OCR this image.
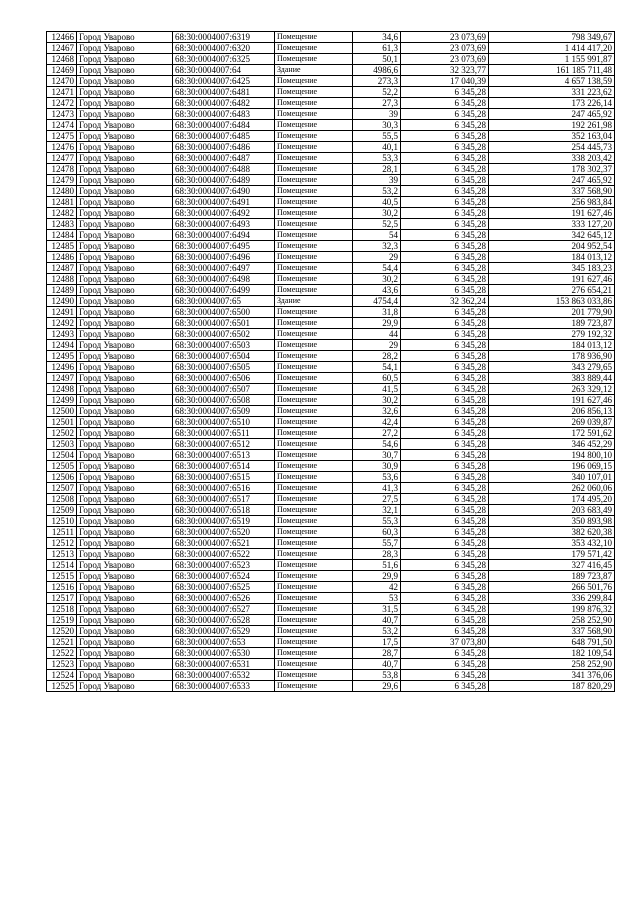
12466	Город Уварово	68:30:0004007:6319	Помещение	34,6	23 073,69	798 349,67
12467	Город Уварово	68:30:0004007:6320	Помещение	61,3	23 073,69	1 414 417,20
12468	Город Уварово	68:30:0004007:6325	Помещение	50,1	23 073,69	1 155 991,87
12469	Город Уварово	68:30:0004007:64	Здание	4986,6	32 323,77	161 185 711,48
12470	Город Уварово	68:30:0004007:6425	Помещение	273,3	17 040,39	4 657 138,59
12471	Город Уварово	68:30:0004007:6481	Помещение	52,2	6 345,28	331 223,62
12472	Город Уварово	68:30:0004007:6482	Помещение	27,3	6 345,28	173 226,14
12473	Город Уварово	68:30:0004007:6483	Помещение	39	6 345,28	247 465,92
12474	Город Уварово	68:30:0004007:6484	Помещение	30,3	6 345,28	192 261,98
12475	Город Уварово	68:30:0004007:6485	Помещение	55,5	6 345,28	352 163,04
12476	Город Уварово	68:30:0004007:6486	Помещение	40,1	6 345,28	254 445,73
12477	Город Уварово	68:30:0004007:6487	Помещение	53,3	6 345,28	338 203,42
12478	Город Уварово	68:30:0004007:6488	Помещение	28,1	6 345,28	178 302,37
12479	Город Уварово	68:30:0004007:6489	Помещение	39	6 345,28	247 465,92
12480	Город Уварово	68:30:0004007:6490	Помещение	53,2	6 345,28	337 568,90
12481	Город Уварово	68:30:0004007:6491	Помещение	40,5	6 345,28	256 983,84
12482	Город Уварово	68:30:0004007:6492	Помещение	30,2	6 345,28	191 627,46
12483	Город Уварово	68:30:0004007:6493	Помещение	52,5	6 345,28	333 127,20
12484	Город Уварово	68:30:0004007:6494	Помещение	54	6 345,28	342 645,12
12485	Город Уварово	68:30:0004007:6495	Помещение	32,3	6 345,28	204 952,54
12486	Город Уварово	68:30:0004007:6496	Помещение	29	6 345,28	184 013,12
12487	Город Уварово	68:30:0004007:6497	Помещение	54,4	6 345,28	345 183,23
12488	Город Уварово	68:30:0004007:6498	Помещение	30,2	6 345,28	191 627,46
12489	Город Уварово	68:30:0004007:6499	Помещение	43,6	6 345,28	276 654,21
12490	Город Уварово	68:30:0004007:65	Здание	4754,4	32 362,24	153 863 033,86
12491	Город Уварово	68:30:0004007:6500	Помещение	31,8	6 345,28	201 779,90
12492	Город Уварово	68:30:0004007:6501	Помещение	29,9	6 345,28	189 723,87
12493	Город Уварово	68:30:0004007:6502	Помещение	44	6 345,28	279 192,32
12494	Город Уварово	68:30:0004007:6503	Помещение	29	6 345,28	184 013,12
12495	Город Уварово	68:30:0004007:6504	Помещение	28,2	6 345,28	178 936,90
12496	Город Уварово	68:30:0004007:6505	Помещение	54,1	6 345,28	343 279,65
12497	Город Уварово	68:30:0004007:6506	Помещение	60,5	6 345,28	383 889,44
12498	Город Уварово	68:30:0004007:6507	Помещение	41,5	6 345,28	263 329,12
12499	Город Уварово	68:30:0004007:6508	Помещение	30,2	6 345,28	191 627,46
12500	Город Уварово	68:30:0004007:6509	Помещение	32,6	6 345,28	206 856,13
12501	Город Уварово	68:30:0004007:6510	Помещение	42,4	6 345,28	269 039,87
12502	Город Уварово	68:30:0004007:6511	Помещение	27,2	6 345,28	172 591,62
12503	Город Уварово	68:30:0004007:6512	Помещение	54,6	6 345,28	346 452,29
12504	Город Уварово	68:30:0004007:6513	Помещение	30,7	6 345,28	194 800,10
12505	Город Уварово	68:30:0004007:6514	Помещение	30,9	6 345,28	196 069,15
12506	Город Уварово	68:30:0004007:6515	Помещение	53,6	6 345,28	340 107,01
12507	Город Уварово	68:30:0004007:6516	Помещение	41,3	6 345,28	262 060,06
12508	Город Уварово	68:30:0004007:6517	Помещение	27,5	6 345,28	174 495,20
12509	Город Уварово	68:30:0004007:6518	Помещение	32,1	6 345,28	203 683,49
12510	Город Уварово	68:30:0004007:6519	Помещение	55,3	6 345,28	350 893,98
12511	Город Уварово	68:30:0004007:6520	Помещение	60,3	6 345,28	382 620,38
12512	Город Уварово	68:30:0004007:6521	Помещение	55,7	6 345,28	353 432,10
12513	Город Уварово	68:30:0004007:6522	Помещение	28,3	6 345,28	179 571,42
12514	Город Уварово	68:30:0004007:6523	Помещение	51,6	6 345,28	327 416,45
12515	Город Уварово	68:30:0004007:6524	Помещение	29,9	6 345,28	189 723,87
12516	Город Уварово	68:30:0004007:6525	Помещение	42	6 345,28	266 501,76
12517	Город Уварово	68:30:0004007:6526	Помещение	53	6 345,28	336 299,84
12518	Город Уварово	68:30:0004007:6527	Помещение	31,5	6 345,28	199 876,32
12519	Город Уварово	68:30:0004007:6528	Помещение	40,7	6 345,28	258 252,90
12520	Город Уварово	68:30:0004007:6529	Помещение	53,2	6 345,28	337 568,90
12521	Город Уварово	68:30:0004007:653	Помещение	17,5	37 073,80	648 791,50
12522	Город Уварово	68:30:0004007:6530	Помещение	28,7	6 345,28	182 109,54
12523	Город Уварово	68:30:0004007:6531	Помещение	40,7	6 345,28	258 252,90
12524	Город Уварово	68:30:0004007:6532	Помещение	53,8	6 345,28	341 376,06
12525	Город Уварово	68:30:0004007:6533	Помещение	29,6	6 345,28	187 820,29
